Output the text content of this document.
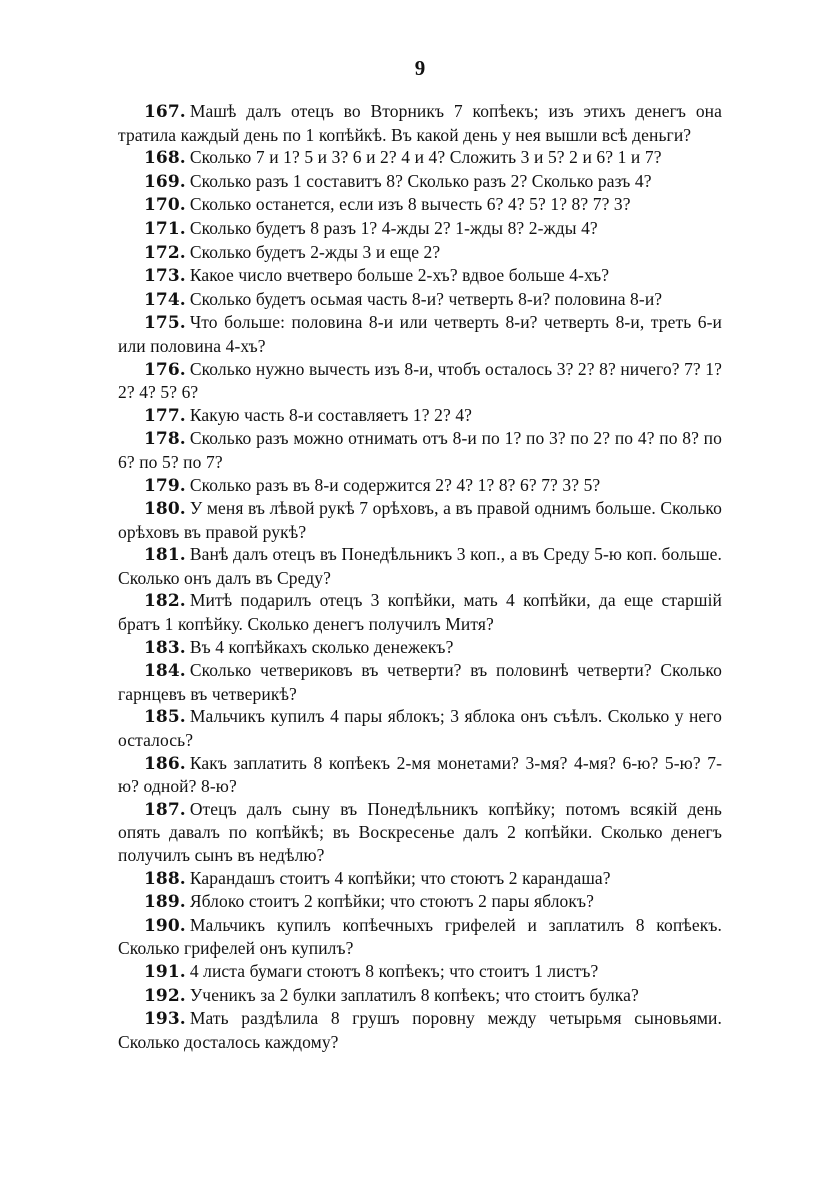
9

167. Машѣ далъ отецъ во Вторникъ 7 копѣекъ; изъ этихъ денегъ она тратила каждый день по 1 копѣйкѣ. Въ какой день у нея вышли всѣ деньги?

168. Сколько 7 и 1? 5 и 3? 6 и 2? 4 и 4? Сложить 3 и 5? 2 и 6? 1 и 7?

169. Сколько разъ 1 составитъ 8? Сколько разъ 2? Сколько разъ 4?

170. Сколько останется, если изъ 8 вычесть 6? 4? 5? 1? 8? 7? 3?

171. Сколько будетъ 8 разъ 1? 4-жды 2? 1-жды 8? 2-жды 4?

172. Сколько будетъ 2-жды 3 и еще 2?

173. Какое число вчетверо больше 2-хъ? вдвое больше 4-хъ?

174. Сколько будетъ осьмая часть 8-и? четверть 8-и? половина 8-и?

175. Что больше: половина 8-и или четверть 8-и? четверть 8-и, треть 6-и или половина 4-хъ?

176. Сколько нужно вычесть изъ 8-и, чтобъ осталось 3? 2? 8? ничего? 7? 1? 2? 4? 5? 6?

177. Какую часть 8-и составляетъ 1? 2? 4?

178. Сколько разъ можно отнимать отъ 8-и по 1? по 3? по 2? по 4? по 8? по 6? по 5? по 7?

179. Сколько разъ въ 8-и содержится 2? 4? 1? 8? 6? 7? 3? 5?

180. У меня въ лѣвой рукѣ 7 орѣховъ, а въ правой однимъ больше. Сколько орѣховъ въ правой рукѣ?

181. Ванѣ далъ отецъ въ Понедѣльникъ 3 коп., а въ Среду 5-ю коп. больше. Сколько онъ далъ въ Среду?

182. Митѣ подарилъ отецъ 3 копѣйки, мать 4 копѣйки, да еще старшій братъ 1 копѣйку. Сколько денегъ получилъ Митя?

183. Въ 4 копѣйкахъ сколько денежекъ?

184. Сколько четвериковъ въ четверти? въ половинѣ четверти? Сколько гарнцевъ въ четверикѣ?

185. Мальчикъ купилъ 4 пары яблокъ; 3 яблока онъ съѣлъ. Сколько у него осталось?

186. Какъ заплатить 8 копѣекъ 2-мя монетами? 3-мя? 4-мя? 6-ю? 5-ю? 7-ю? одной? 8-ю?

187. Отецъ далъ сыну въ Понедѣльникъ копѣйку; потомъ всякій день опять давалъ по копѣйкѣ; въ Воскресенье далъ 2 копѣйки. Сколько денегъ получилъ сынъ въ недѣлю?

188. Карандашъ стоитъ 4 копѣйки; что стоютъ 2 карандаша?

189. Яблоко стоитъ 2 копѣйки; что стоютъ 2 пары яблокъ?

190. Мальчикъ купилъ копѣечныхъ грифелей и заплатилъ 8 копѣекъ. Сколько грифелей онъ купилъ?

191. 4 листа бумаги стоютъ 8 копѣекъ; что стоитъ 1 листъ?

192. Ученикъ за 2 булки заплатилъ 8 копѣекъ; что стоитъ булка?

193. Мать раздѣлила 8 грушъ поровну между четырьмя сыновьями. Сколько досталось каждому?
